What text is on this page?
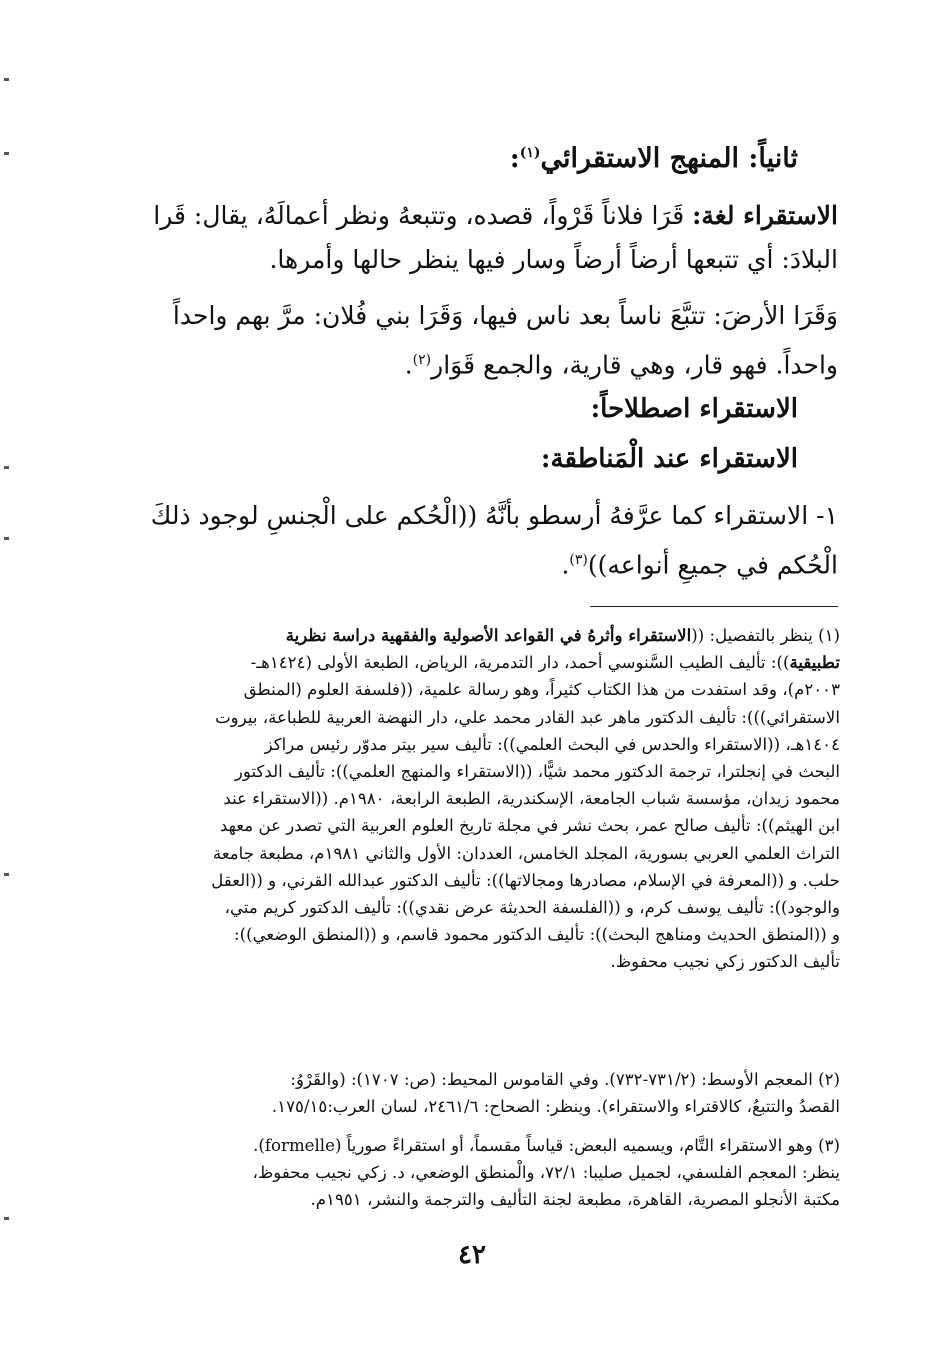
ثانياً: المنهج الاستقرائي$^{(١)}$:
الاستقراء لغة: قَرَا فلاناً قَرْواً، قصده، وتتبعهُ ونظر أعمالَهُ، يقال: قَرا
البلادَ: أي تتبعها أرضاً أرضاً وسار فيها ينظر حالها وأمرها.
وَقَرَا الأرضَ: تتبَّعَ ناساً بعد ناس فيها، وَقَرَا بني فُلان: مرَّ بهم واحداً
واحداً. فهو قار، وهي قارية، والجمع قَوَار$^{(٢)}$.
الاستقراء اصطلاحاً:
الاستقراء عند الْمَناطقة:
١- الاستقراء كما عرَّفهُ أرسطو بأنَّهُ ((الْحُكم على الْجنسِ لوجود ذلكَ
الْحُكم في جميعِ أنواعه))$^{(٣)}$.
(١) ينظر بالتفصيل: ((الاستقراء وأثرهُ في القواعد الأصولية والفقهية دراسة نظرية
تطبيقية)): تأليف الطيب السَّنوسي أحمد، دار التدمرية، الرياض، الطبعة الأولى (١٤٢٤هـ-
٢٠٠٣م)، وقد استفدت من هذا الكتاب كثيراً، وهو رسالة علمية، ((فلسفة العلوم (المنطق
الاستقرائي))): تأليف الدكتور ماهر عبد القادر محمد علي، دار النهضة العربية للطباعة، بيروت
١٤٠٤هـ، ((الاستقراء والحدس في البحث العلمي)): تأليف سير بيتر مدوّر رئيس مراكز
البحث في إنجلترا، ترجمة الدكتور محمد شيًّا، ((الاستقراء والمنهج العلمي)): تأليف الدكتور
محمود زيدان، مؤسسة شباب الجامعة، الإسكندرية، الطبعة الرابعة، ١٩٨٠م. ((الاستقراء عند
ابن الهيثم)): تأليف صالح عمر، بحث نشر في مجلة تاريخ العلوم العربية التي تصدر عن معهد
التراث العلمي العربي بسورية، المجلد الخامس، العددان: الأول والثاني ١٩٨١م، مطبعة جامعة
حلب. و ((المعرفة في الإسلام، مصادرها ومجالاتها)): تأليف الدكتور عبدالله القرني، و ((العقل
والوجود)): تأليف يوسف كرم، و ((الفلسفة الحديثة عرض نقدي)): تأليف الدكتور كريم متي،
و ((المنطق الحديث ومناهج البحث)): تأليف الدكتور محمود قاسم، و ((المنطق الوضعي)):
تأليف الدكتور زكي نجيب محفوظ.
(٢) المعجم الأوسط: (٧٣١/٢-٧٣٢). وفي القاموس المحيط: (ص: ١٧٠٧): (والقَرْوُ:
القصدُ والتتبعُ، كالاقتراء والاستقراء). وينظر: الصحاح: ٢٤٦١/٦، لسان العرب:١٧٥/١٥.
(٣) وهو الاستقراء التَّام، ويسميه البعض: قياساً مقسماً، أو استقراءً صورياً (formelle).
ينظر: المعجم الفلسفي، لجميل صليبا: ٧٢/١، والْمنطق الوضعي، د. زكي نجيب محفوظ،
مكتبة الأنجلو المصرية، القاهرة، مطبعة لجنة التأليف والترجمة والنشر، ١٩٥١م.
٤٢
